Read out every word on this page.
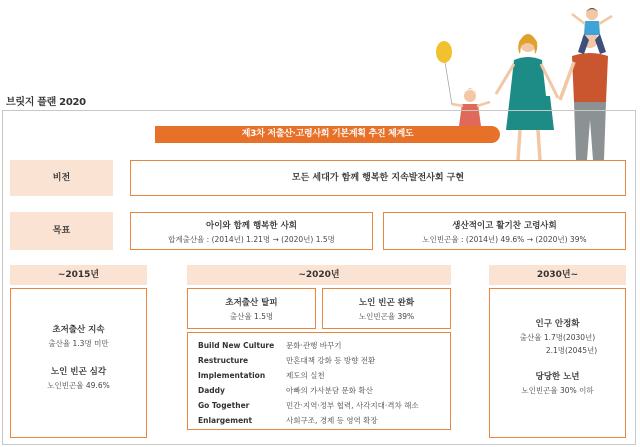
브릿지 플랜 2020
제3차 저출산·고령사회 기본계획 추진 체계도
비전	모든 세대가 함께 행복한 지속발전사회 구현
목표	아이와 함께 행복한 사회
합계출산율 : (2014년) 1.21명 → (2020년) 1.5명
생산적이고 활기찬 고령사회
노인빈곤율 : (2014년) 49.6% → (2020년) 39%
~2015년	~2020년	2030년~
초저출산 지속
출산율 1.3명 미만
노인 빈곤 심각
노인빈곤율 49.6%
초저출산 탈피
출산율 1.5명
노인 빈곤 완화
노인빈곤율 39%
Build New Culture	문화·관행 바꾸기
Restructure	만혼대책 강화 등 방향 전환
Implementation	제도의 실천
Daddy	아빠의 가사분담 문화 확산
Go Together	민간·지역·정부 협력, 사각지대·격차 해소
Enlargement	사회구조, 경제 등 영역 확장
인구 안정화
출산율 1.7명(2030년)
2.1명(2045년)
당당한 노년
노인빈곤율 30% 이하
